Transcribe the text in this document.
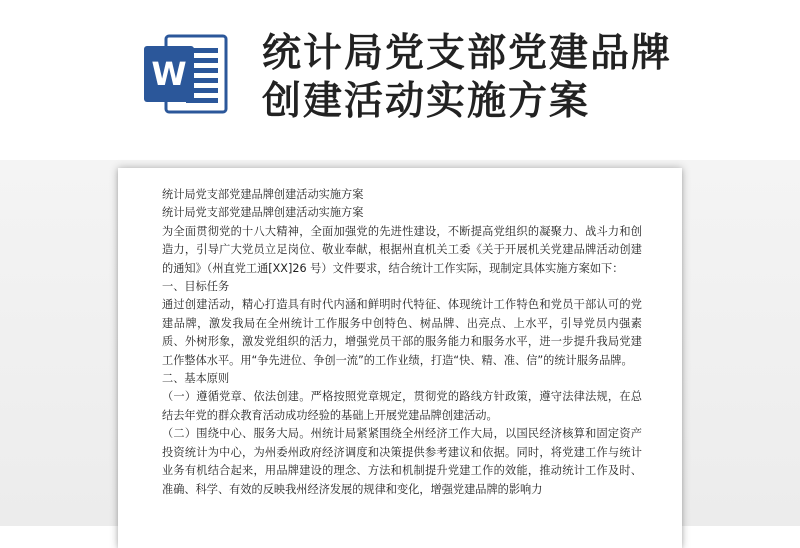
W 统计局党支部党建品牌创建活动实施方案

统计局党支部党建品牌创建活动实施方案

统计局党支部党建品牌创建活动实施方案

为全面贯彻党的十八大精神，全面加强党的先进性建设，不断提高党组织的凝聚力、战斗力和创造力，引导广大党员立足岗位、敬业奉献，根据州直机关工委《关于开展机关党建品牌活动创建的通知》（州直党工通[XX]26 号）文件要求，结合统计工作实际，现制定具体实施方案如下：

一、目标任务

通过创建活动，精心打造具有时代内涵和鲜明时代特征、体现统计工作特色和党员干部认可的党建品牌，激发我局在全州统计工作服务中创特色、树品牌、出亮点、上水平，引导党员内强素质、外树形象，激发党组织的活力，增强党员干部的服务能力和服务水平，进一步提升我局党建工作整体水平。用“争先进位、争创一流”的工作业绩，打造“快、精、准、信”的统计服务品牌。

二、基本原则

（一）遵循党章、依法创建。严格按照党章规定，贯彻党的路线方针政策，遵守法律法规，在总结去年党的群众教育活动成功经验的基础上开展党建品牌创建活动。

（二）围绕中心、服务大局。州统计局紧紧围绕全州经济工作大局，以国民经济核算和固定资产投资统计为中心，为州委州政府经济调度和决策提供参考建议和依据。同时，将党建工作与统计业务有机结合起来，用品牌建设的理念、方法和机制提升党建工作的效能，推动统计工作及时、准确、科学、有效的反映我州经济发展的规律和变化，增强党建品牌的影响力
